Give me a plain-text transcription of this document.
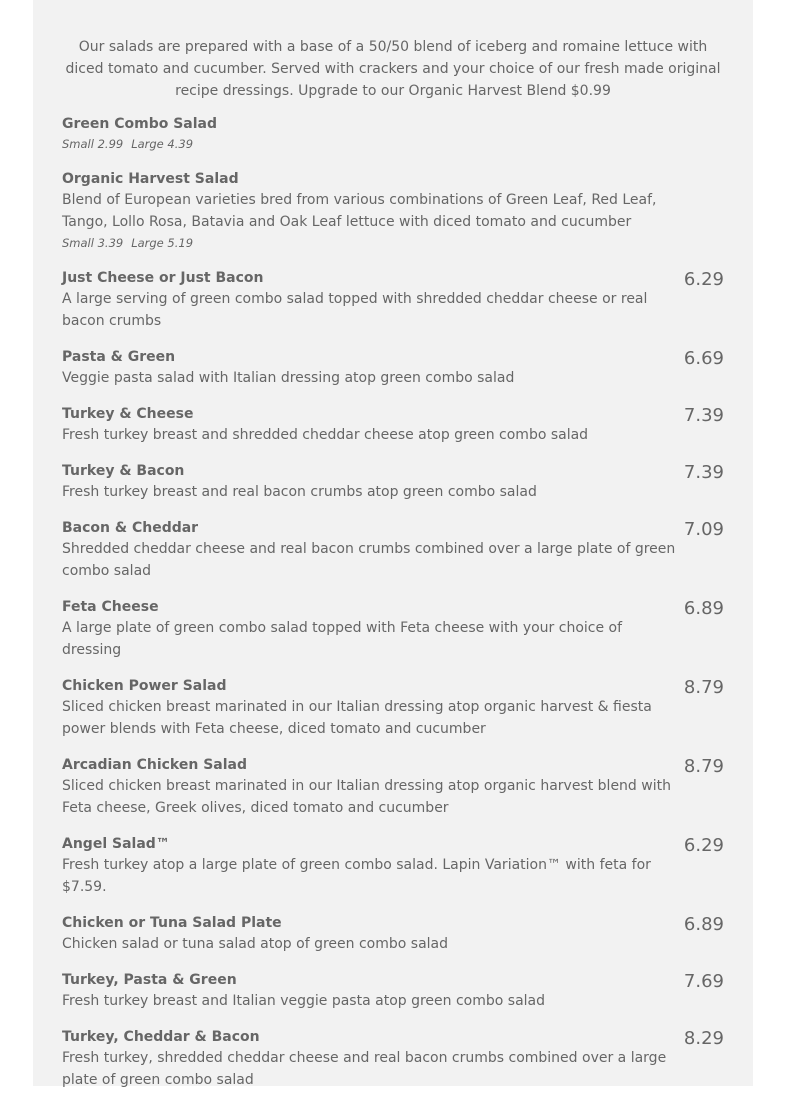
Our salads are prepared with a base of a 50/50 blend of iceberg and romaine lettuce with diced tomato and cucumber. Served with crackers and your choice of our fresh made original recipe dressings. Upgrade to our Organic Harvest Blend $0.99

Green Combo Salad
Small 2.99 Large 4.39
Organic Harvest Salad
Blend of European varieties bred from various combinations of Green Leaf, Red Leaf, Tango, Lollo Rosa, Batavia and Oak Leaf lettuce with diced tomato and cucumber
Small 3.39 Large 5.19
Just Cheese or Just Bacon
A large serving of green combo salad topped with shredded cheddar cheese or real bacon crumbs
6.29
Pasta & Green
Veggie pasta salad with Italian dressing atop green combo salad
6.69
Turkey & Cheese
Fresh turkey breast and shredded cheddar cheese atop green combo salad
7.39
Turkey & Bacon
Fresh turkey breast and real bacon crumbs atop green combo salad
7.39
Bacon & Cheddar
Shredded cheddar cheese and real bacon crumbs combined over a large plate of green combo salad
7.09
Feta Cheese
A large plate of green combo salad topped with Feta cheese with your choice of dressing
6.89
Chicken Power Salad
Sliced chicken breast marinated in our Italian dressing atop organic harvest & fiesta power blends with Feta cheese, diced tomato and cucumber
8.79
Arcadian Chicken Salad
Sliced chicken breast marinated in our Italian dressing atop organic harvest blend with Feta cheese, Greek olives, diced tomato and cucumber
8.79
Angel Salad™
Fresh turkey atop a large plate of green combo salad. Lapin Variation™ with feta for $7.59.
6.29
Chicken or Tuna Salad Plate
Chicken salad or tuna salad atop of green combo salad
6.89
Turkey, Pasta & Green
Fresh turkey breast and Italian veggie pasta atop green combo salad
7.69
Turkey, Cheddar & Bacon
Fresh turkey, shredded cheddar cheese and real bacon crumbs combined over a large plate of green combo salad
8.29
